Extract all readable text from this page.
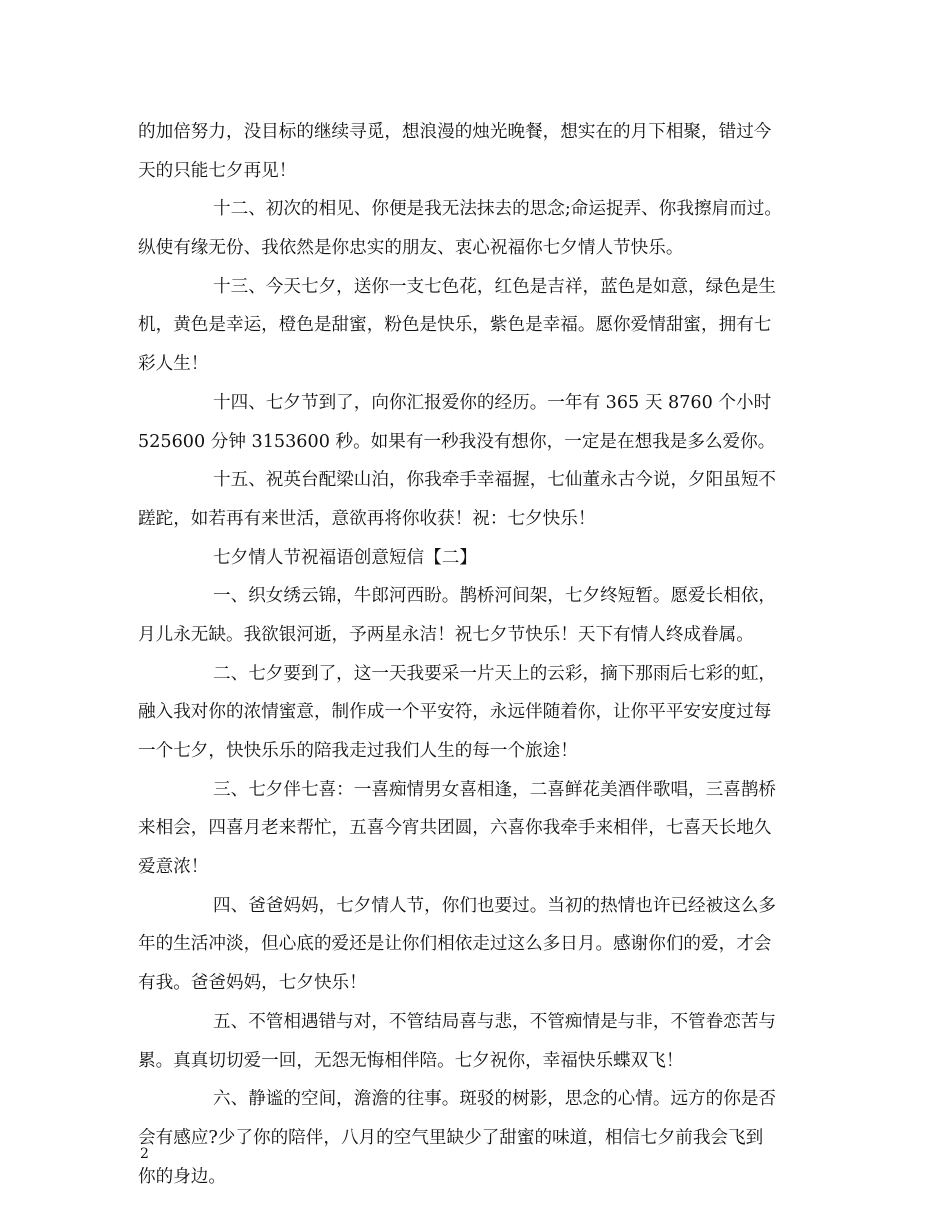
的加倍努力，没目标的继续寻觅，想浪漫的烛光晚餐，想实在的月下相聚，错过今
天的只能七夕再见！
十二、初次的相见、你便是我无法抹去的思念;命运捉弄、你我擦肩而过。
纵使有缘无份、我依然是你忠实的朋友、衷心祝福你七夕情人节快乐。
十三、今天七夕，送你一支七色花，红色是吉祥，蓝色是如意，绿色是生
机，黄色是幸运，橙色是甜蜜，粉色是快乐，紫色是幸福。愿你爱情甜蜜，拥有七
彩人生！
十四、七夕节到了，向你汇报爱你的经历。一年有 365 天 8760 个小时
525600 分钟 3153600 秒。如果有一秒我没有想你，一定是在想我是多么爱你。
十五、祝英台配梁山泊，你我牵手幸福握，七仙董永古今说，夕阳虽短不
蹉跎，如若再有来世活，意欲再将你收获！祝：七夕快乐！
七夕情人节祝福语创意短信【二】
一、织女绣云锦，牛郎河西盼。鹊桥河间架，七夕终短暂。愿爱长相依，
月儿永无缺。我欲银河逝，予两星永洁！祝七夕节快乐！天下有情人终成眷属。
二、七夕要到了，这一天我要采一片天上的云彩，摘下那雨后七彩的虹，
融入我对你的浓情蜜意，制作成一个平安符，永远伴随着你，让你平平安安度过每
一个七夕，快快乐乐的陪我走过我们人生的每一个旅途！
三、七夕伴七喜：一喜痴情男女喜相逢，二喜鲜花美酒伴歌唱，三喜鹊桥
来相会，四喜月老来帮忙，五喜今宵共团圆，六喜你我牵手来相伴，七喜天长地久
爱意浓！
四、爸爸妈妈，七夕情人节，你们也要过。当初的热情也许已经被这么多
年的生活冲淡，但心底的爱还是让你们相依走过这么多日月。感谢你们的爱，才会
有我。爸爸妈妈，七夕快乐！
五、不管相遇错与对，不管结局喜与悲，不管痴情是与非，不管眷恋苦与
累。真真切切爱一回，无怨无悔相伴陪。七夕祝你，幸福快乐蝶双飞！
六、静谧的空间，澹澹的往事。斑驳的树影，思念的心情。远方的你是否
会有感应?少了你的陪伴，八月的空气里缺少了甜蜜的味道，相信七夕前我会飞到
你的身边。
2
